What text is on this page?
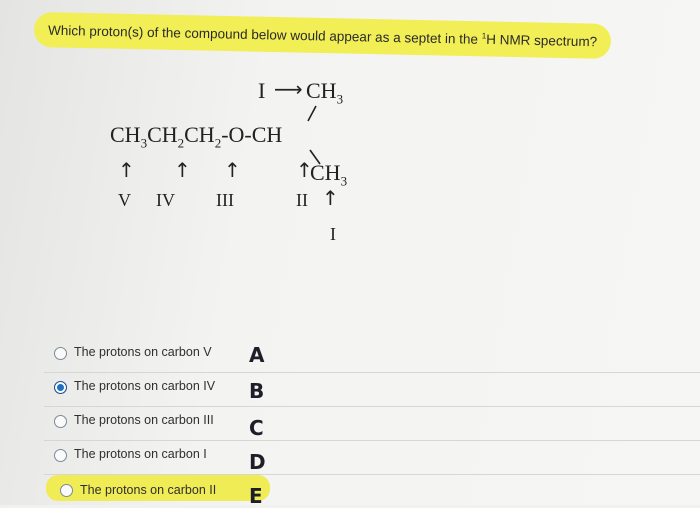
Which proton(s) of the compound below would appear as a septet in the $^1$H NMR spectrum?
I ⟶ $CH_3$
$CH_3CH_2CH_2-O-CH$
↑ ↑ ↑	↑
$CH_3$
V IV III	II ↑
I
The protons on carbon V A
The protons on carbon IV B
The protons on carbon III C
The protons on carbon I D
The protons on carbon II E
